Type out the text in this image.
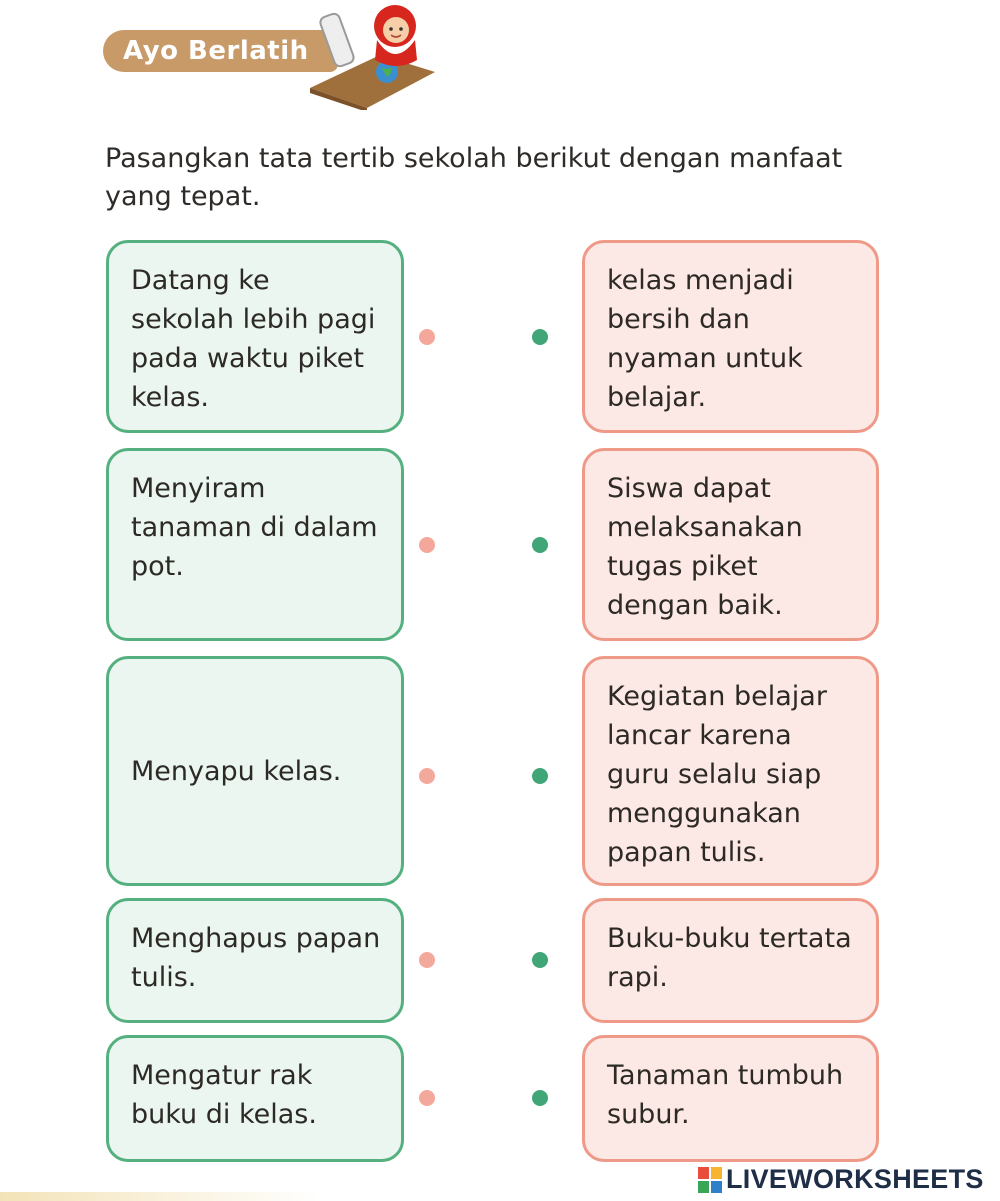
Ayo Berlatih

Pasangkan tata tertib sekolah berikut dengan manfaat yang tepat.

Datang ke sekolah lebih pagi pada waktu piket kelas.
Menyiram tanaman di dalam pot.
Menyapu kelas.
Menghapus papan tulis.
Mengatur rak buku di kelas.
kelas menjadi bersih dan nyaman untuk belajar.
Siswa dapat melaksanakan tugas piket dengan baik.
Kegiatan belajar lancar karena guru selalu siap menggunakan papan tulis.
Buku-buku tertata rapi.
Tanaman tumbuh subur.
LIVEWORKSHEETS
